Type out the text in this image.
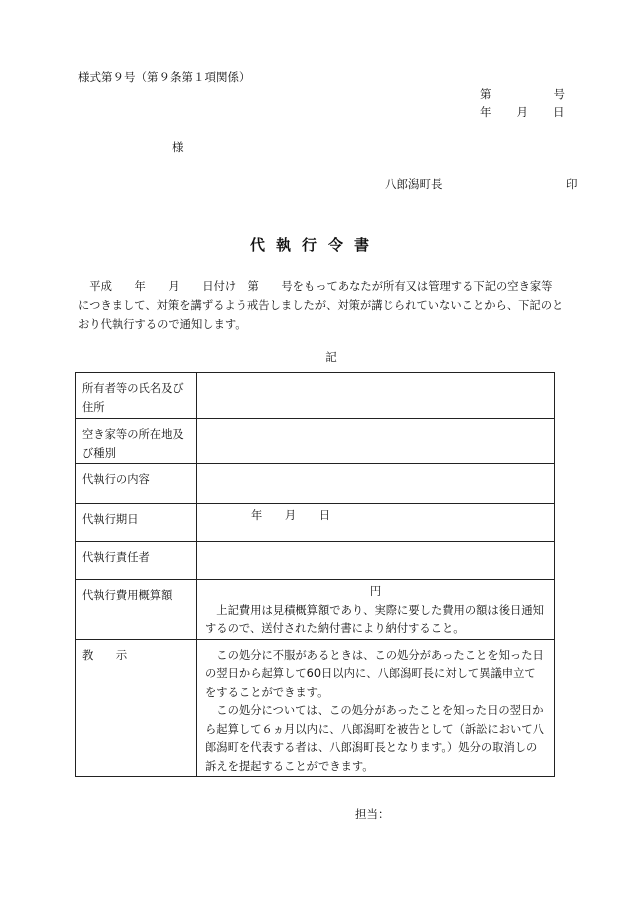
様式第９号（第９条第１項関係）
第	号
年 月 日
様
八郎潟町長	印
代執行令書
　平成　　年　　月　　日付け　第　　号をもってあなたが所有又は管理する下記の空き家等
につきまして、対策を講ずるよう戒告しましたが、対策が講じられていないことから、下記のと
おり代執行するので通知します。
記
所有者等の氏名及び住所	
空き家等の所在地及び種別	
代執行の内容	
代執行期日	年　　月　　日
代執行責任者	
代執行費用概算額	円
上記費用は見積概算額であり、実際に要した費用の額は後日通知するので、送付された納付書により納付すること。

教　　示	この処分に不服があるときは、この処分があったことを知った日の翌日から起算して60日以内に、八郎潟町長に対して異議申立てをすることができます。
この処分については、この処分があったことを知った日の翌日から起算して６ヵ月以内に、八郎潟町を被告として（訴訟において八郎潟町を代表する者は、八郎潟町長となります。）処分の取消しの訴えを提起することができます。
担当：
